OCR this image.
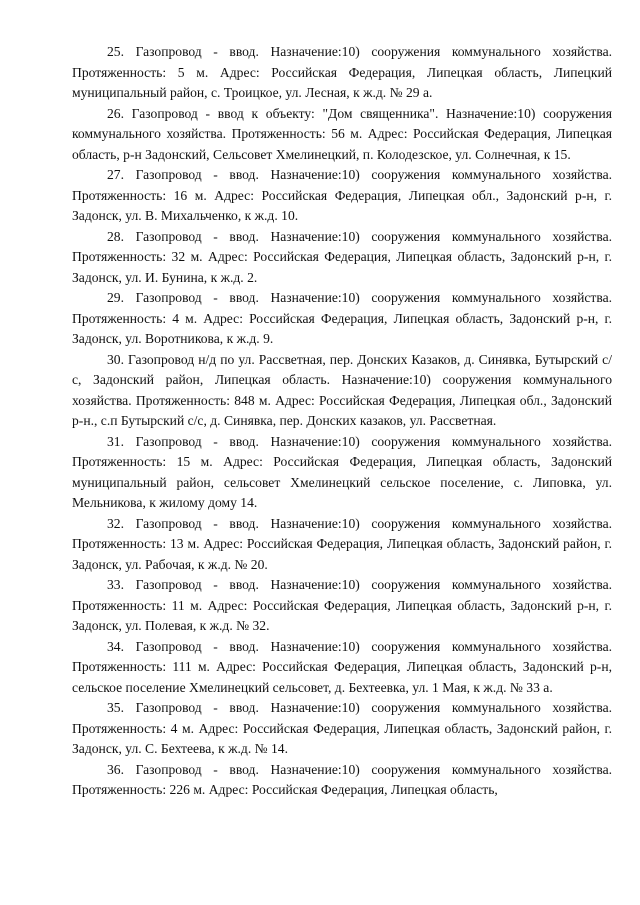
25. Газопровод - ввод. Назначение:10) сооружения коммунального хозяйства. Протяженность: 5 м. Адрес: Российская Федерация, Липецкая область, Липецкий муниципальный район, с. Троицкое, ул. Лесная, к ж.д. № 29 а.

26. Газопровод - ввод к объекту: "Дом священника". Назначение:10) сооружения коммунального хозяйства. Протяженность: 56 м. Адрес: Российская Федерация, Липецкая область, р-н Задонский, Сельсовет Хмелинецкий, п. Колодезское, ул. Солнечная, к 15.

27. Газопровод - ввод. Назначение:10) сооружения коммунального хозяйства. Протяженность: 16 м. Адрес: Российская Федерация, Липецкая обл., Задонский р-н, г. Задонск, ул. В. Михальченко, к ж.д. 10.

28. Газопровод - ввод. Назначение:10) сооружения коммунального хозяйства. Протяженность: 32 м. Адрес: Российская Федерация, Липецкая область, Задонский р-н, г. Задонск, ул. И. Бунина, к ж.д. 2.

29. Газопровод - ввод. Назначение:10) сооружения коммунального хозяйства. Протяженность: 4 м. Адрес: Российская Федерация, Липецкая область, Задонский р-н, г. Задонск, ул. Воротникова, к ж.д. 9.

30. Газопровод н/д по ул. Рассветная, пер. Донских Казаков, д. Синявка, Бутырский с/с, Задонский район, Липецкая область. Назначение:10) сооружения коммунального хозяйства. Протяженность: 848 м. Адрес: Российская Федерация, Липецкая обл., Задонский р-н., с.п Бутырский с/с, д. Синявка, пер. Донских казаков, ул. Рассветная.

31. Газопровод - ввод. Назначение:10) сооружения коммунального хозяйства. Протяженность: 15 м. Адрес: Российская Федерация, Липецкая область, Задонский муниципальный район, сельсовет Хмелинецкий сельское поселение, с. Липовка, ул. Мельникова, к жилому дому 14.

32. Газопровод - ввод. Назначение:10) сооружения коммунального хозяйства. Протяженность: 13 м. Адрес: Российская Федерация, Липецкая область, Задонский район, г. Задонск, ул. Рабочая, к ж.д. № 20.

33. Газопровод - ввод. Назначение:10) сооружения коммунального хозяйства. Протяженность: 11 м. Адрес: Российская Федерация, Липецкая область, Задонский р-н, г. Задонск, ул. Полевая, к ж.д. № 32.

34. Газопровод - ввод. Назначение:10) сооружения коммунального хозяйства. Протяженность: 111 м. Адрес: Российская Федерация, Липецкая область, Задонский р-н, сельское поселение Хмелинецкий сельсовет, д. Бехтеевка, ул. 1 Мая, к ж.д. № 33 а.

35. Газопровод - ввод. Назначение:10) сооружения коммунального хозяйства. Протяженность: 4 м. Адрес: Российская Федерация, Липецкая область, Задонский район, г. Задонск, ул. С. Бехтеева, к ж.д. № 14.

36. Газопровод - ввод. Назначение:10) сооружения коммунального хозяйства. Протяженность: 226 м. Адрес: Российская Федерация, Липецкая область,
